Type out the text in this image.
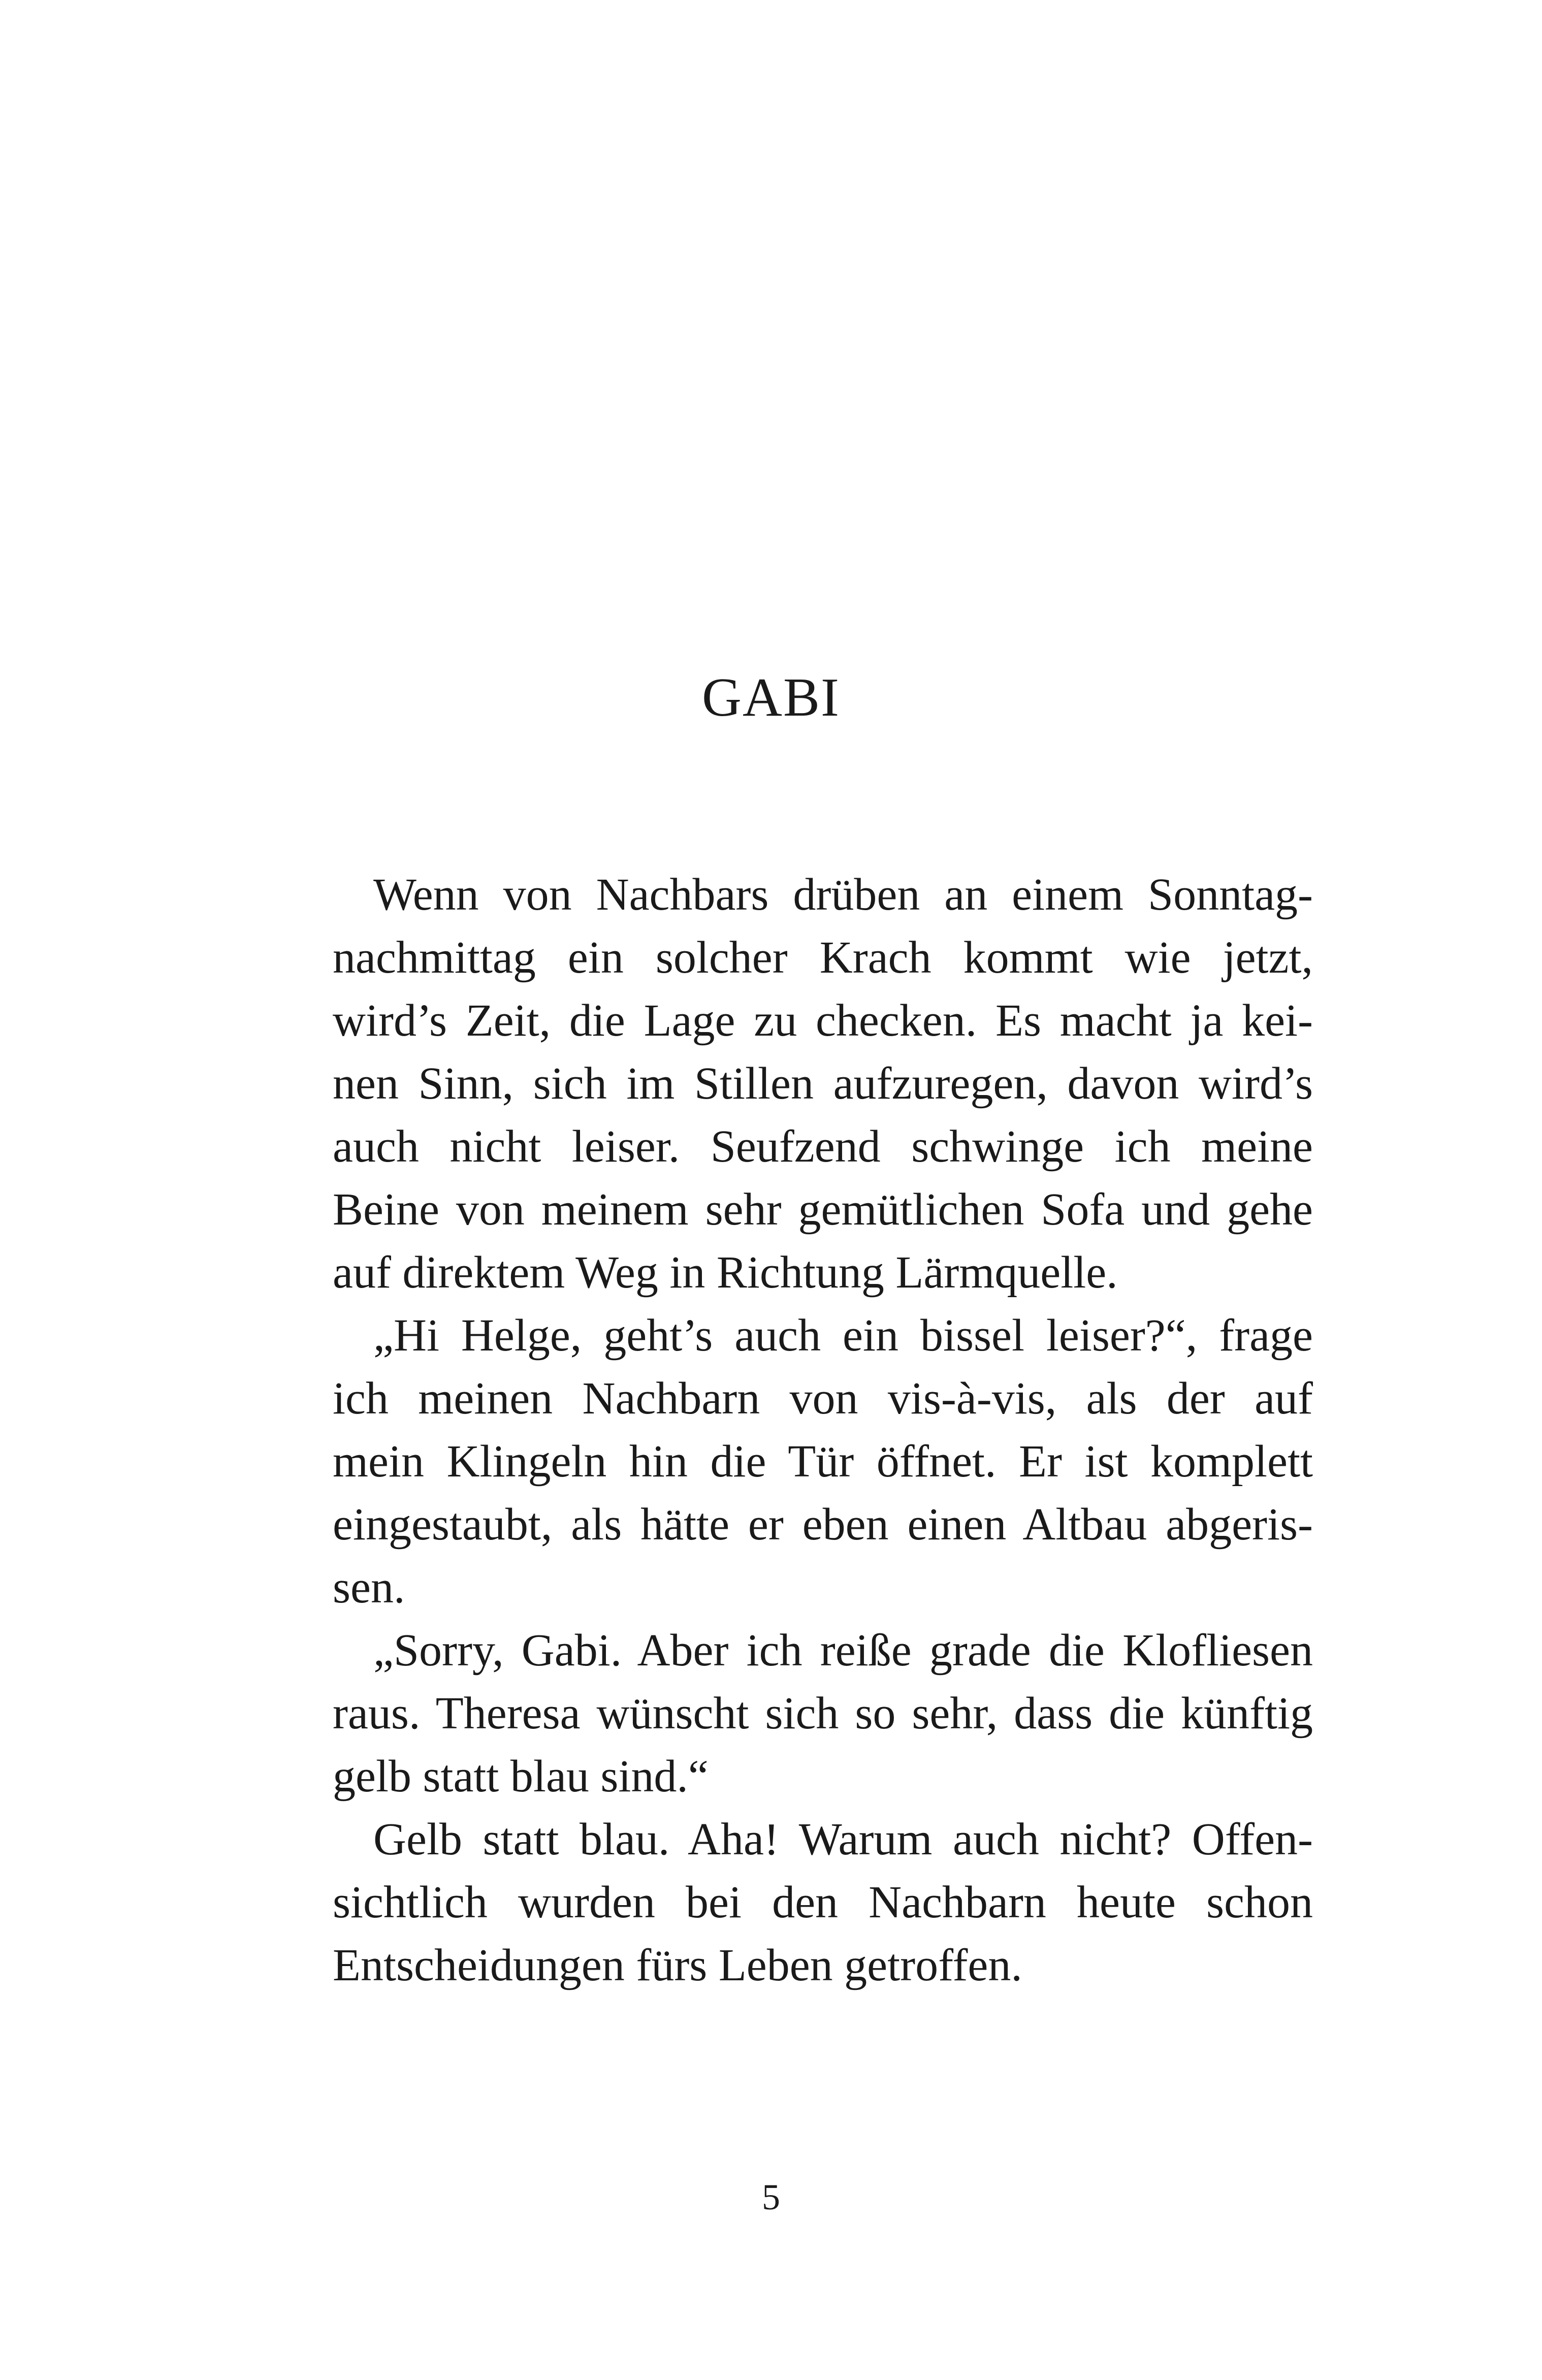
GABI
Wenn von Nachbars drüben an einem Sonntag-
nachmittag ein solcher Krach kommt wie jetzt,
wird’s Zeit, die Lage zu checken. Es macht ja kei-
nen Sinn, sich im Stillen aufzuregen, davon wird’s
auch nicht leiser. Seufzend schwinge ich meine
Beine von meinem sehr gemütlichen Sofa und gehe
auf direktem Weg in Richtung Lärmquelle.
„Hi Helge, geht’s auch ein bissel leiser?“, frage
ich meinen Nachbarn von vis-à-vis, als der auf
mein Klingeln hin die Tür öffnet. Er ist komplett
eingestaubt, als hätte er eben einen Altbau abgeris-
sen.
„Sorry, Gabi. Aber ich reiße grade die Klofliesen
raus. Theresa wünscht sich so sehr, dass die künftig
gelb statt blau sind.“
Gelb statt blau. Aha! Warum auch nicht? Offen-
sichtlich wurden bei den Nachbarn heute schon
Entscheidungen fürs Leben getroffen.
5
